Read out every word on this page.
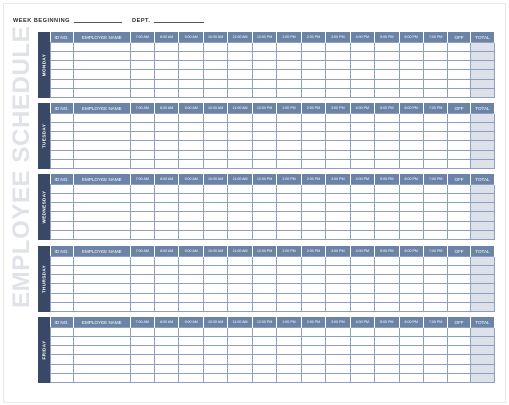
WEEK BEGINNING	DEPT.
EMPLOYEE SCHEDULE MONDAY
ID NO.	EMPLOYEE NAME	7:00 AM	8:00 AM	9:00 AM	10:00 AM	11:00 AM	12:00 PM	1:00 PM	2:00 PM	3:00 PM	4:00 PM	5:00 PM	6:00 PM	7:00 PM	OFF	TOTAL

TUESDAY
ID NO.	EMPLOYEE NAME	7:00 AM	8:00 AM	9:00 AM	10:00 AM	11:00 AM	12:00 PM	1:00 PM	2:00 PM	3:00 PM	4:00 PM	5:00 PM	6:00 PM	7:00 PM	OFF	TOTAL

WEDNESDAY
ID NO.	EMPLOYEE NAME	7:00 AM	8:00 AM	9:00 AM	10:00 AM	11:00 AM	12:00 PM	1:00 PM	2:00 PM	3:00 PM	4:00 PM	5:00 PM	6:00 PM	7:00 PM	OFF	TOTAL

THURSDAY
ID NO.	EMPLOYEE NAME	7:00 AM	8:00 AM	9:00 AM	10:00 AM	11:00 AM	12:00 PM	1:00 PM	2:00 PM	3:00 PM	4:00 PM	5:00 PM	6:00 PM	7:00 PM	OFF	TOTAL

FRIDAY
ID NO.	EMPLOYEE NAME	7:00 AM	8:00 AM	9:00 AM	10:00 AM	11:00 AM	12:00 PM	1:00 PM	2:00 PM	3:00 PM	4:00 PM	5:00 PM	6:00 PM	7:00 PM	OFF	TOTAL
